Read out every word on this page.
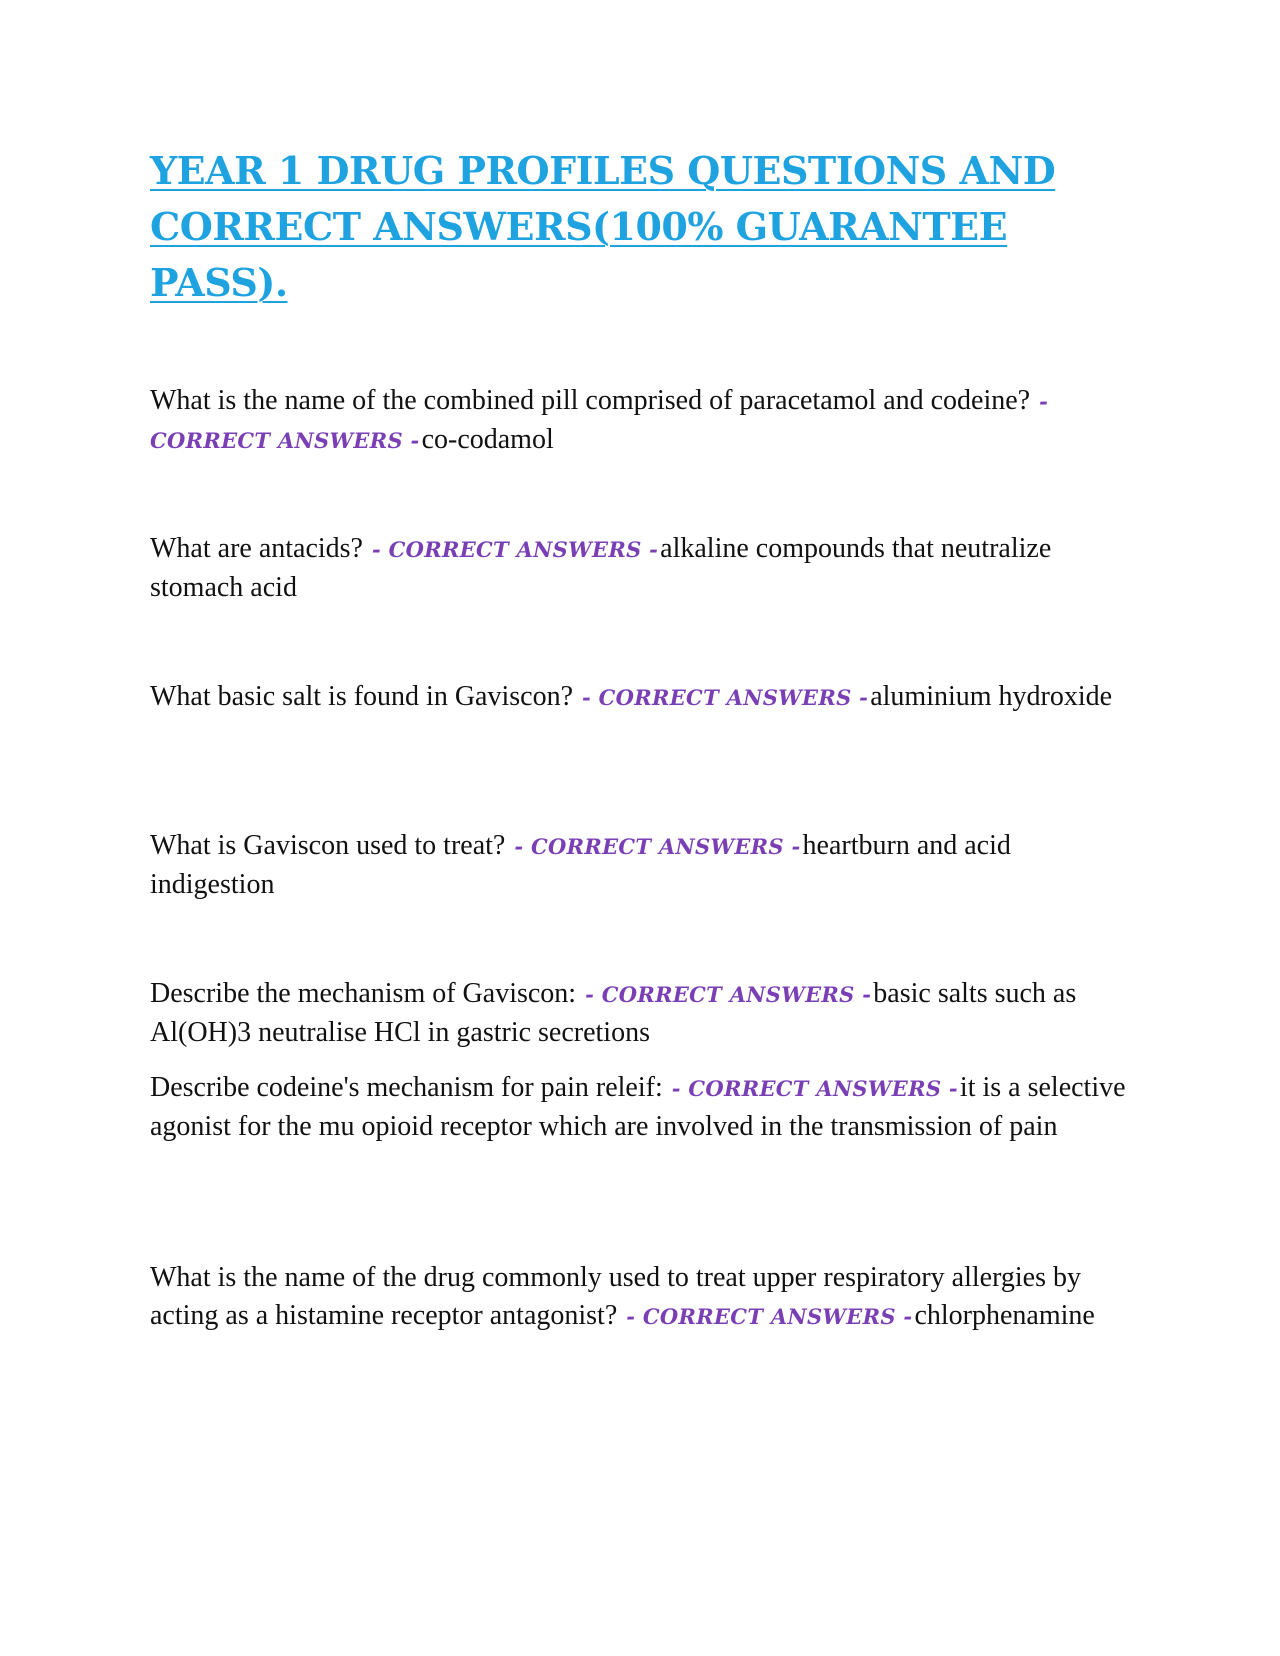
YEAR 1 DRUG PROFILES QUESTIONS AND CORRECT ANSWERS(100% GUARANTEE PASS).

What is the name of the combined pill comprised of paracetamol and codeine? - CORRECT ANSWERS -co-codamol

What are antacids? - CORRECT ANSWERS -alkaline compounds that neutralize stomach acid

What basic salt is found in Gaviscon? - CORRECT ANSWERS -aluminium hydroxide

What is Gaviscon used to treat? - CORRECT ANSWERS -heartburn and acid indigestion

Describe the mechanism of Gaviscon: - CORRECT ANSWERS -basic salts such as Al(OH)3 neutralise HCl in gastric secretions

Describe codeine's mechanism for pain releif: - CORRECT ANSWERS -it is a selective agonist for the mu opioid receptor which are involved in the transmission of pain

What is the name of the drug commonly used to treat upper respiratory allergies by acting as a histamine receptor antagonist? - CORRECT ANSWERS -chlorphenamine
